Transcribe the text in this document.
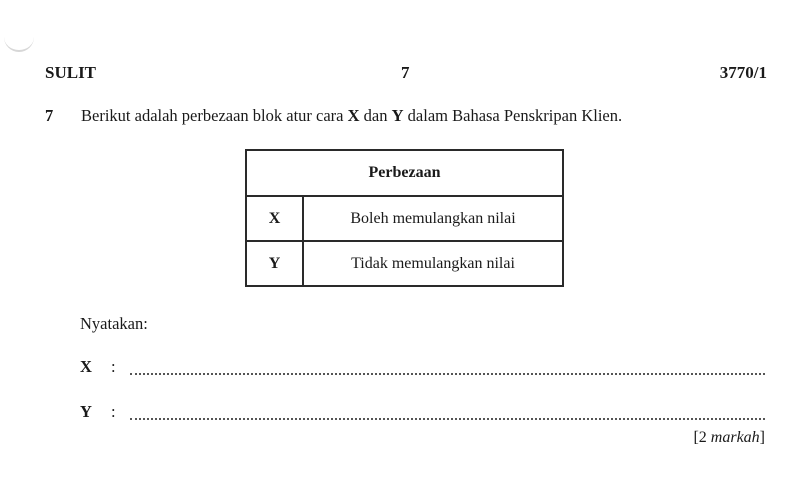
SULIT	7	3770/1
7 Berikut adalah perbezaan blok atur cara X dan Y dalam Bahasa Penskripan Klien.
Perbezaan	
X	Boleh memulangkan nilai
Y	Tidak memulangkan nilai
Nyatakan:
X :
Y :
[2 markah]
